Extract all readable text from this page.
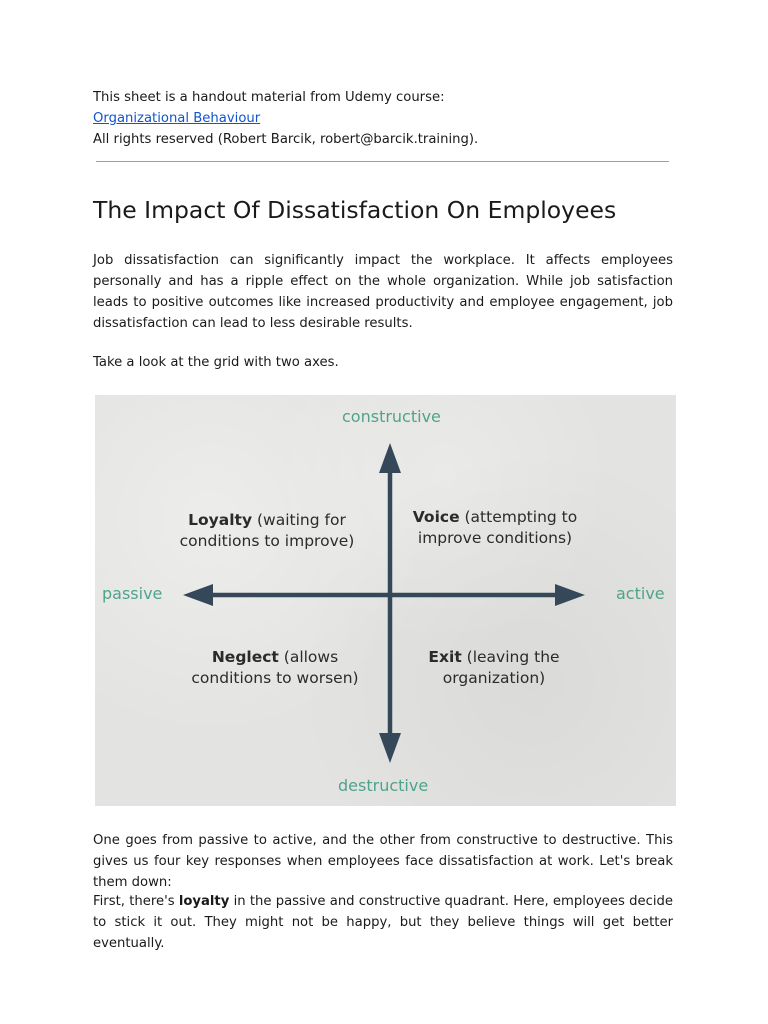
This sheet is a handout material from Udemy course:
Organizational Behaviour
All rights reserved (Robert Barcik, robert@barcik.training).
The Impact Of Dissatisfaction On Employees

Job dissatisfaction can significantly impact the workplace. It affects employees personally and has a ripple effect on the whole organization. While job satisfaction leads to positive outcomes like increased productivity and employee engagement, job dissatisfaction can lead to less desirable results.

Take a look at the grid with two axes.

constructive
destructive
passive	active
Loyalty (waiting for
conditions to improve)
Voice (attempting to
improve conditions)
Neglect (allows
conditions to worsen)
Exit (leaving the
organization)

One goes from passive to active, and the other from constructive to destructive. This gives us four key responses when employees face dissatisfaction at work. Let's break them down:

First, there's loyalty in the passive and constructive quadrant. Here, employees decide to stick it out. They might not be happy, but they believe things will get better eventually.
